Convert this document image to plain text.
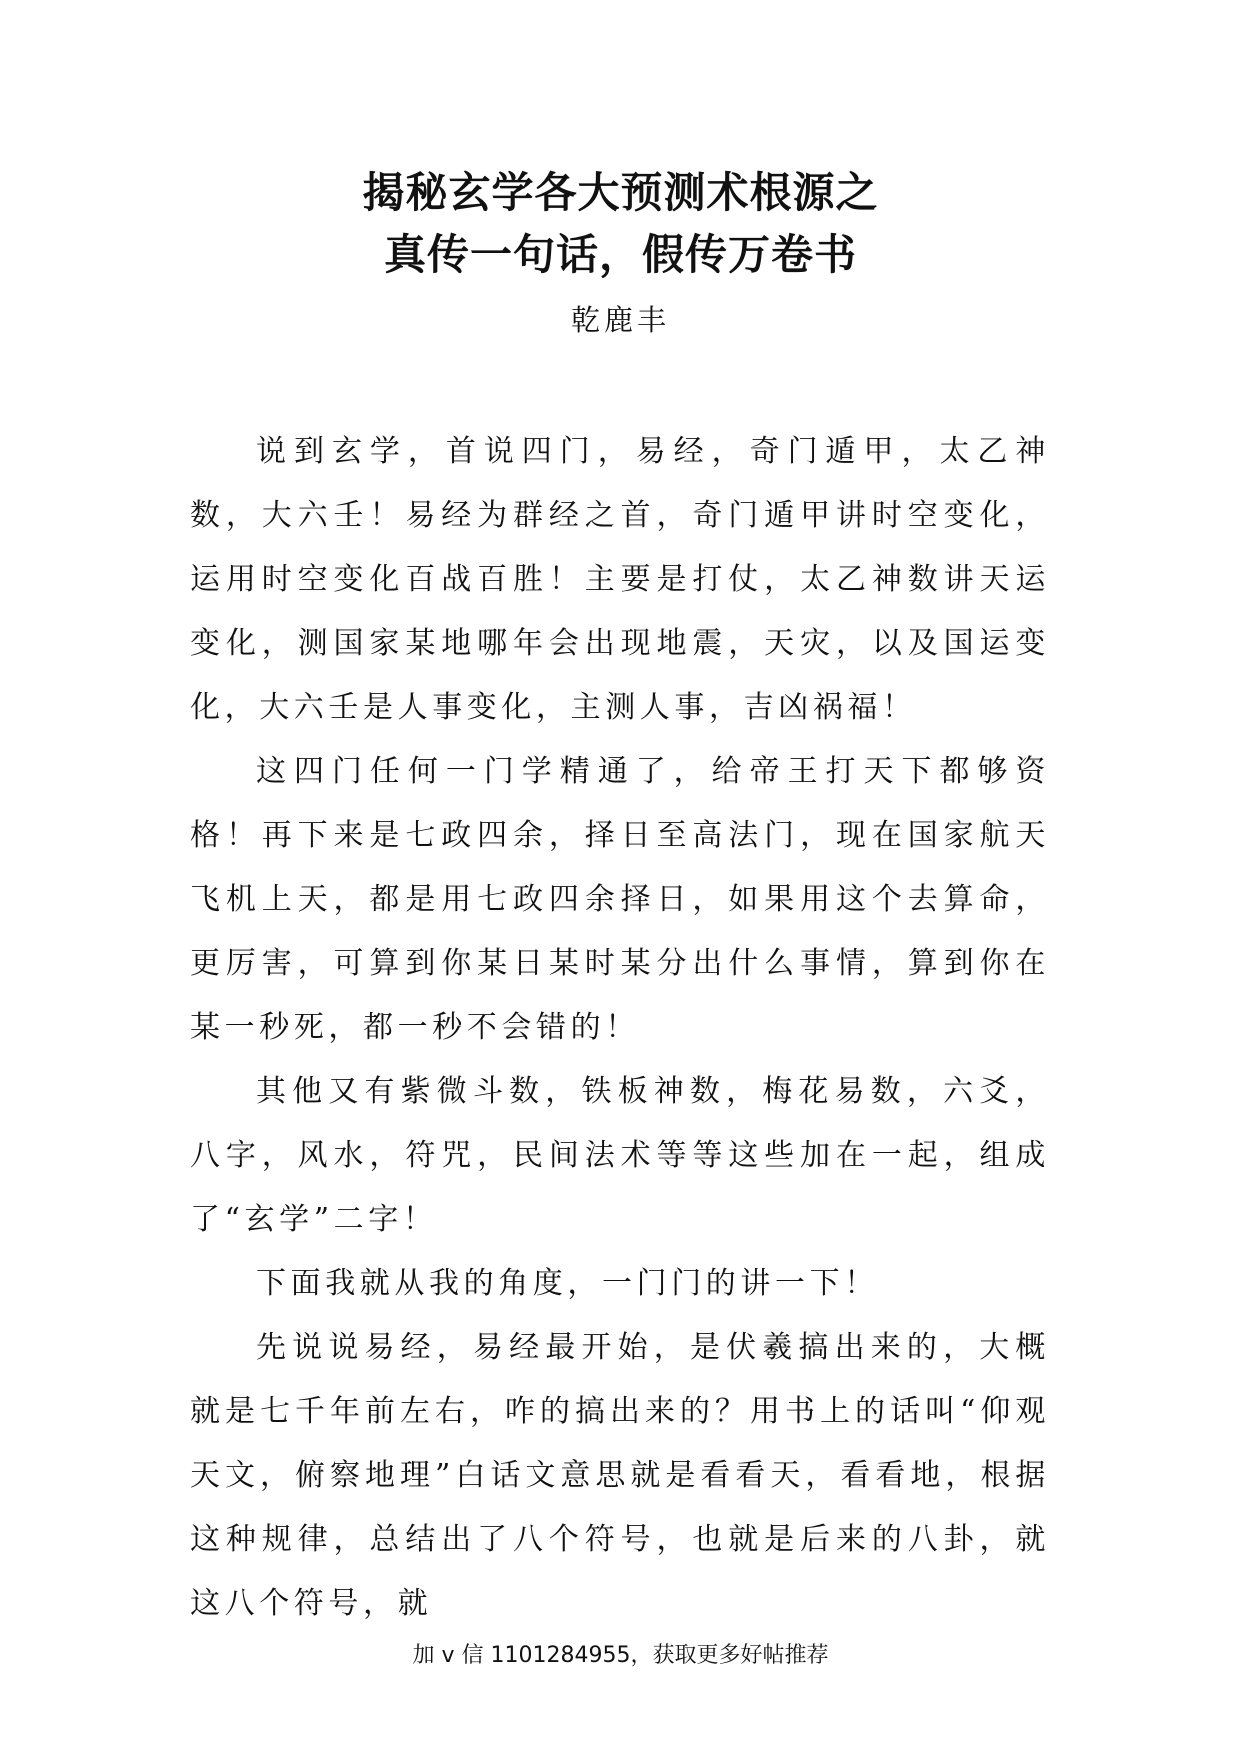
揭秘玄学各大预测术根源之
真传一句话，假传万卷书
乾鹿丰

说到玄学，首说四门，易经，奇门遁甲，太乙神数，大六壬！易经为群经之首，奇门遁甲讲时空变化，运用时空变化百战百胜！主要是打仗，太乙神数讲天运变化，测国家某地哪年会出现地震，天灾，以及国运变化，大六壬是人事变化，主测人事，吉凶祸福！

这四门任何一门学精通了，给帝王打天下都够资格！再下来是七政四余，择日至高法门，现在国家航天飞机上天，都是用七政四余择日，如果用这个去算命，更厉害，可算到你某日某时某分出什么事情，算到你在某一秒死，都一秒不会错的！

其他又有紫微斗数，铁板神数，梅花易数，六爻，八字，风水，符咒，民间法术等等这些加在一起，组成了“玄学”二字！

下面我就从我的角度，一门门的讲一下！

先说说易经，易经最开始，是伏羲搞出来的，大概就是七千年前左右，咋的搞出来的？用书上的话叫“仰观天文，俯察地理”白话文意思就是看看天，看看地，根据这种规律，总结出了八个符号，也就是后来的八卦，就这八个符号，就

加 v 信 1101284955，获取更多好帖推荐
